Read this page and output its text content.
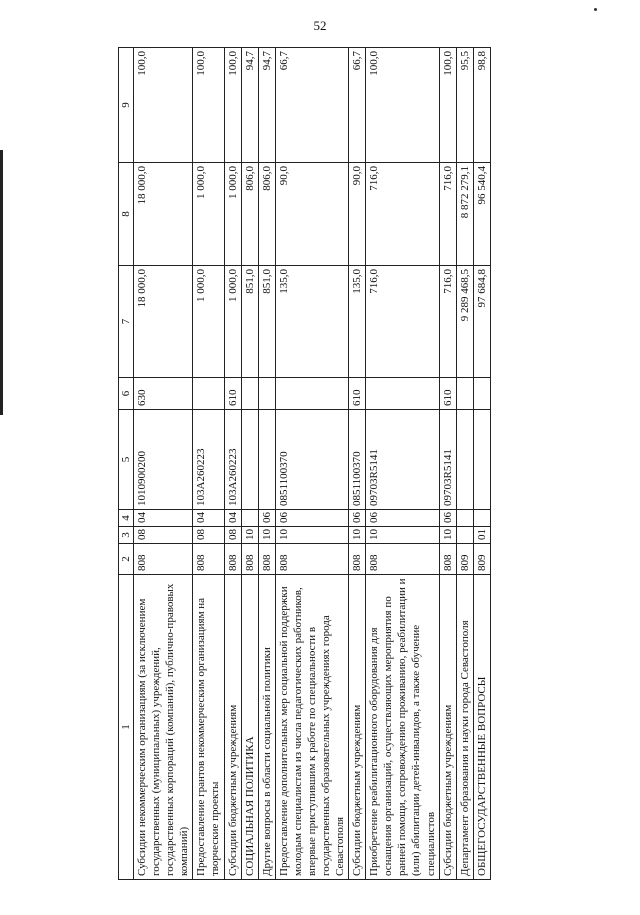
52
1	2	3	4	5	6	7	8	9
Субсидии некоммерческим организациям (за исключением государственных (муниципальных) учреждений, государственных корпораций (компаний), публично-правовых компаний)	808	08	04	1010900200	630	18 000,0	18 000,0	100,0
Предоставление грантов некоммерческим организациям на творческие проекты	808	08	04	103А260223		1 000,0	1 000,0	100,0
Субсидии бюджетным учреждениям	808	08	04	103А260223	610	1 000,0	1 000,0	100,0
СОЦИАЛЬНАЯ ПОЛИТИКА	808	10				851,0	806,0	94,7
Другие вопросы в области социальной политики	808	10	06			851,0	806,0	94,7
Предоставление дополнительных мер социальной поддержки молодым специалистам из числа педагогических работников, впервые приступившим к работе по специальности в государственных образовательных учреждениях города Севастополя	808	10	06	0851100370		135,0	90,0	66,7
Субсидии бюджетным учреждениям	808	10	06	0851100370	610	135,0	90,0	66,7
Приобретение реабилитационного оборудования для оснащения организаций, осуществляющих мероприятия по ранней помощи, сопровождению проживанию, реабилитации и (или) абилитации детей-инвалидов, а также обучение специалистов	808	10	06	09703R5141		716,0	716,0	100,0
Субсидии бюджетным учреждениям	808	10	06	09703R5141	610	716,0	716,0	100,0
Департамент образования и науки города Севастополя	809					9 289 468,5	8 872 279,1	95,5
ОБЩЕГОСУДАРСТВЕННЫЕ ВОПРОСЫ	809	01				97 684,8	96 540,4	98,8
